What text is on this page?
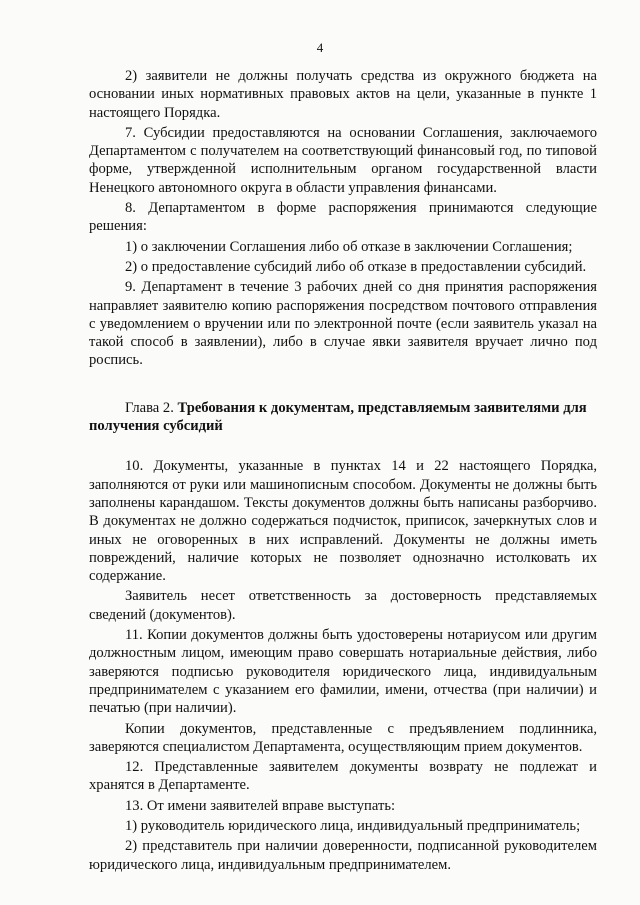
4

2) заявители не должны получать средства из окружного бюджета на основании иных нормативных правовых актов на цели, указанные в пункте 1 настоящего Порядка.

7. Субсидии предоставляются на основании Соглашения, заключаемого Департаментом с получателем на соответствующий финансовый год, по типовой форме, утвержденной исполнительным органом государственной власти Ненецкого автономного округа в области управления финансами.

8. Департаментом в форме распоряжения принимаются следующие решения:

1) о заключении Соглашения либо об отказе в заключении Соглашения;

2) о предоставление субсидий либо об отказе в предоставлении субсидий.

9. Департамент в течение 3 рабочих дней со дня принятия распоряжения направляет заявителю копию распоряжения посредством почтового отправления с уведомлением о вручении или по электронной почте (если заявитель указал на такой способ в заявлении), либо в случае явки заявителя вручает лично под роспись.

Глава 2. Требования к документам, представляемым заявителями для получения субсидий

10. Документы, указанные в пунктах 14 и 22 настоящего Порядка, заполняются от руки или машинописным способом. Документы не должны быть заполнены карандашом. Тексты документов должны быть написаны разборчиво. В документах не должно содержаться подчисток, приписок, зачеркнутых слов и иных не оговоренных в них исправлений. Документы не должны иметь повреждений, наличие которых не позволяет однозначно истолковать их содержание.

Заявитель несет ответственность за достоверность представляемых сведений (документов).

11. Копии документов должны быть удостоверены нотариусом или другим должностным лицом, имеющим право совершать нотариальные действия, либо заверяются подписью руководителя юридического лица, индивидуальным предпринимателем с указанием его фамилии, имени, отчества (при наличии) и печатью (при наличии).

Копии документов, представленные с предъявлением подлинника, заверяются специалистом Департамента, осуществляющим прием документов.

12. Представленные заявителем документы возврату не подлежат и хранятся в Департаменте.

13. От имени заявителей вправе выступать:

1) руководитель юридического лица, индивидуальный предприниматель;

2) представитель при наличии доверенности, подписанной руководителем юридического лица, индивидуальным предпринимателем.
